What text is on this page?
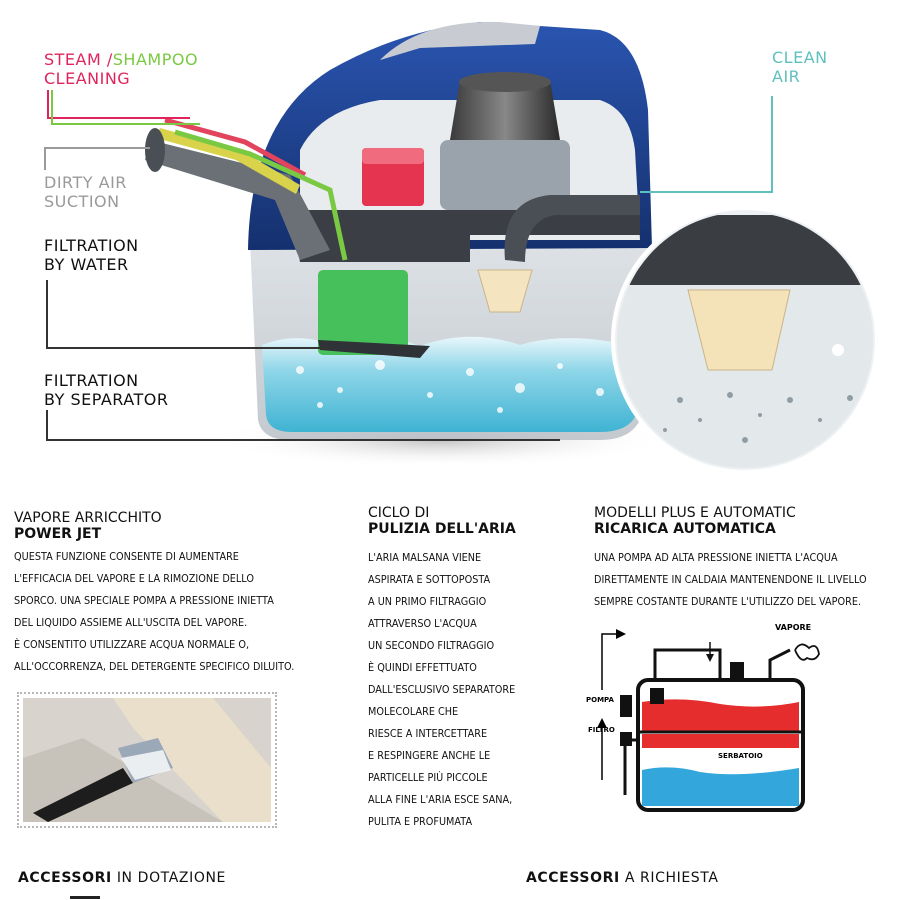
STEAM /SHAMPOO
CLEANING
DIRTY AIR
SUCTION
FILTRATION
BY WATER
FILTRATION
BY SEPARATOR
CLEAN
AIR
VAPORE ARRICCHITO
POWER JET
QUESTA FUNZIONE CONSENTE DI AUMENTARE
L'EFFICACIA DEL VAPORE E LA RIMOZIONE DELLO
SPORCO. UNA SPECIALE POMPA A PRESSIONE INIETTA
DEL LIQUIDO ASSIEME ALL'USCITA DEL VAPORE.
È CONSENTITO UTILIZZARE ACQUA NORMALE O,
ALL'OCCORRENZA, DEL DETERGENTE SPECIFICO DILUITO.
CICLO DI
PULIZIA DELL'ARIA
L'ARIA MALSANA VIENE
ASPIRATA E SOTTOPOSTA
A UN PRIMO FILTRAGGIO
ATTRAVERSO L'ACQUA
UN SECONDO FILTRAGGIO
È QUINDI EFFETTUATO
DALL'ESCLUSIVO SEPARATORE
MOLECOLARE CHE
RIESCE A INTERCETTARE
E RESPINGERE ANCHE LE
PARTICELLE PIÙ PICCOLE
ALLA FINE L'ARIA ESCE SANA,
PULITA E PROFUMATA
MODELLI PLUS E AUTOMATIC
RICARICA AUTOMATICA
UNA POMPA AD ALTA PRESSIONE INIETTA L'ACQUA
DIRETTAMENTE IN CALDAIA MANTENENDONE IL LIVELLO
SEMPRE COSTANTE DURANTE L'UTILIZZO DEL VAPORE.
VAPORE
CALDAIA
SERBATOIO
POMPA
FILTRO
ACCESSORI IN DOTAZIONE	ACCESSORI A RICHIESTA
